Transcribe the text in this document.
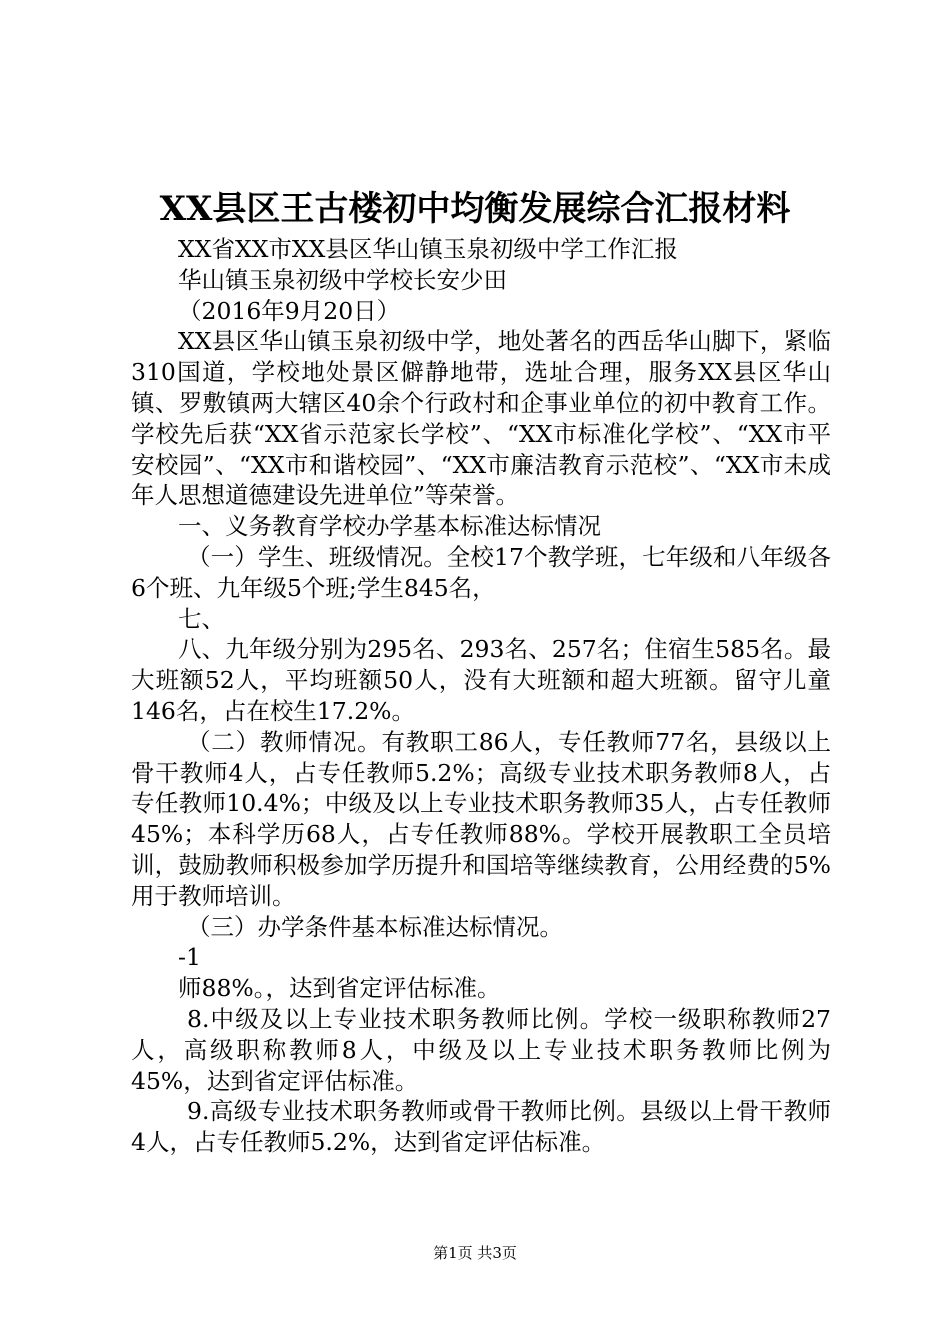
XX县区王古楼初中均衡发展综合汇报材料

XX省XX市XX县区华山镇玉泉初级中学工作汇报

华山镇玉泉初级中学校长安少田

（2016年9月20日）

XX县区华山镇玉泉初级中学，地处著名的西岳华山脚下，紧临310国道，学校地处景区僻静地带，选址合理，服务XX县区华山镇、罗敷镇两大辖区40余个行政村和企事业单位的初中教育工作。学校先后获“XX省示范家长学校”、“XX市标准化学校”、“XX市平安校园”、“XX市和谐校园”、“XX市廉洁教育示范校”、“XX市未成年人思想道德建设先进单位”等荣誉。

一、义务教育学校办学基本标准达标情况

（一）学生、班级情况。全校17个教学班，七年级和八年级各6个班、九年级5个班;学生845名，

七、

八、九年级分别为295名、293名、257名；住宿生585名。最大班额52人，平均班额50人，没有大班额和超大班额。留守儿童146名，占在校生17.2%。

（二）教师情况。有教职工86人，专任教师77名，县级以上骨干教师4人，占专任教师5.2%；高级专业技术职务教师8人，占专任教师10.4%；中级及以上专业技术职务教师35人，占专任教师45%；本科学历68人，占专任教师88%。学校开展教职工全员培训，鼓励教师积极参加学历提升和国培等继续教育，公用经费的5%用于教师培训。

（三）办学条件基本标准达标情况。

-1

师88%。，达到省定评估标准。

8.中级及以上专业技术职务教师比例。学校一级职称教师27人，高级职称教师8人，中级及以上专业技术职务教师比例为45%，达到省定评估标准。

9.高级专业技术职务教师或骨干教师比例。县级以上骨干教师4人，占专任教师5.2%，达到省定评估标准。

第1页 共3页
